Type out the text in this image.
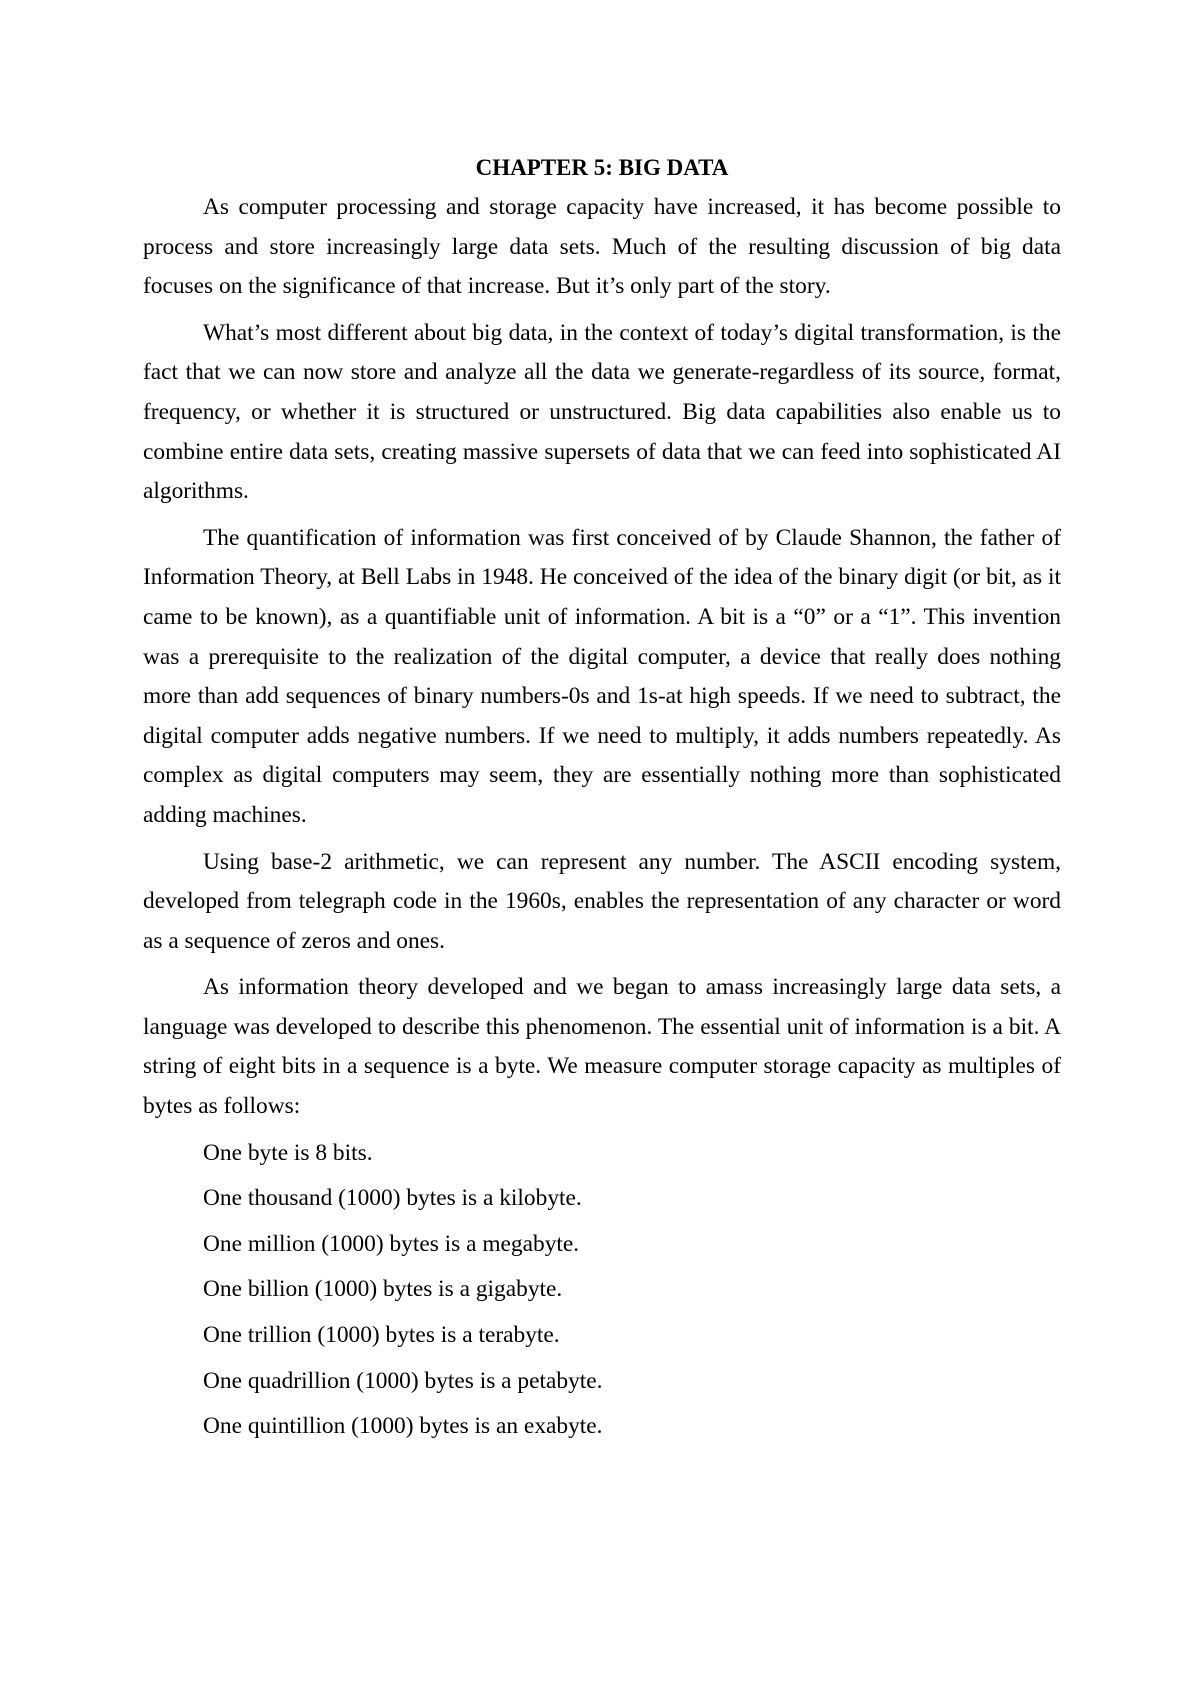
CHAPTER 5: BIG DATA

As computer processing and storage capacity have increased, it has become possible to process and store increasingly large data sets. Much of the resulting discussion of big data focuses on the significance of that increase. But it’s only part of the story.

What’s most different about big data, in the context of today’s digital transformation, is the fact that we can now store and analyze all the data we generate-regardless of its source, format, frequency, or whether it is structured or unstructured. Big data capabilities also enable us to combine entire data sets, creating massive supersets of data that we can feed into sophisticated AI algorithms.

The quantification of information was first conceived of by Claude Shannon, the father of Information Theory, at Bell Labs in 1948. He conceived of the idea of the binary digit (or bit, as it came to be known), as a quantifiable unit of information. A bit is a “0” or a “1”. This invention was a prerequisite to the realization of the digital computer, a device that really does nothing more than add sequences of binary numbers-0s and 1s-at high speeds. If we need to subtract, the digital computer adds negative numbers. If we need to multiply, it adds numbers repeatedly. As complex as digital computers may seem, they are essentially nothing more than sophisticated adding machines.

Using base-2 arithmetic, we can represent any number. The ASCII encoding system, developed from telegraph code in the 1960s, enables the representation of any character or word as a sequence of zeros and ones.

As information theory developed and we began to amass increasingly large data sets, a language was developed to describe this phenomenon. The essential unit of information is a bit. A string of eight bits in a sequence is a byte. We measure computer storage capacity as multiples of bytes as follows:

One byte is 8 bits.
One thousand (1000) bytes is a kilobyte.
One million (1000) bytes is a megabyte.
One billion (1000) bytes is a gigabyte.
One trillion (1000) bytes is a terabyte.
One quadrillion (1000) bytes is a petabyte.
One quintillion (1000) bytes is an exabyte.
